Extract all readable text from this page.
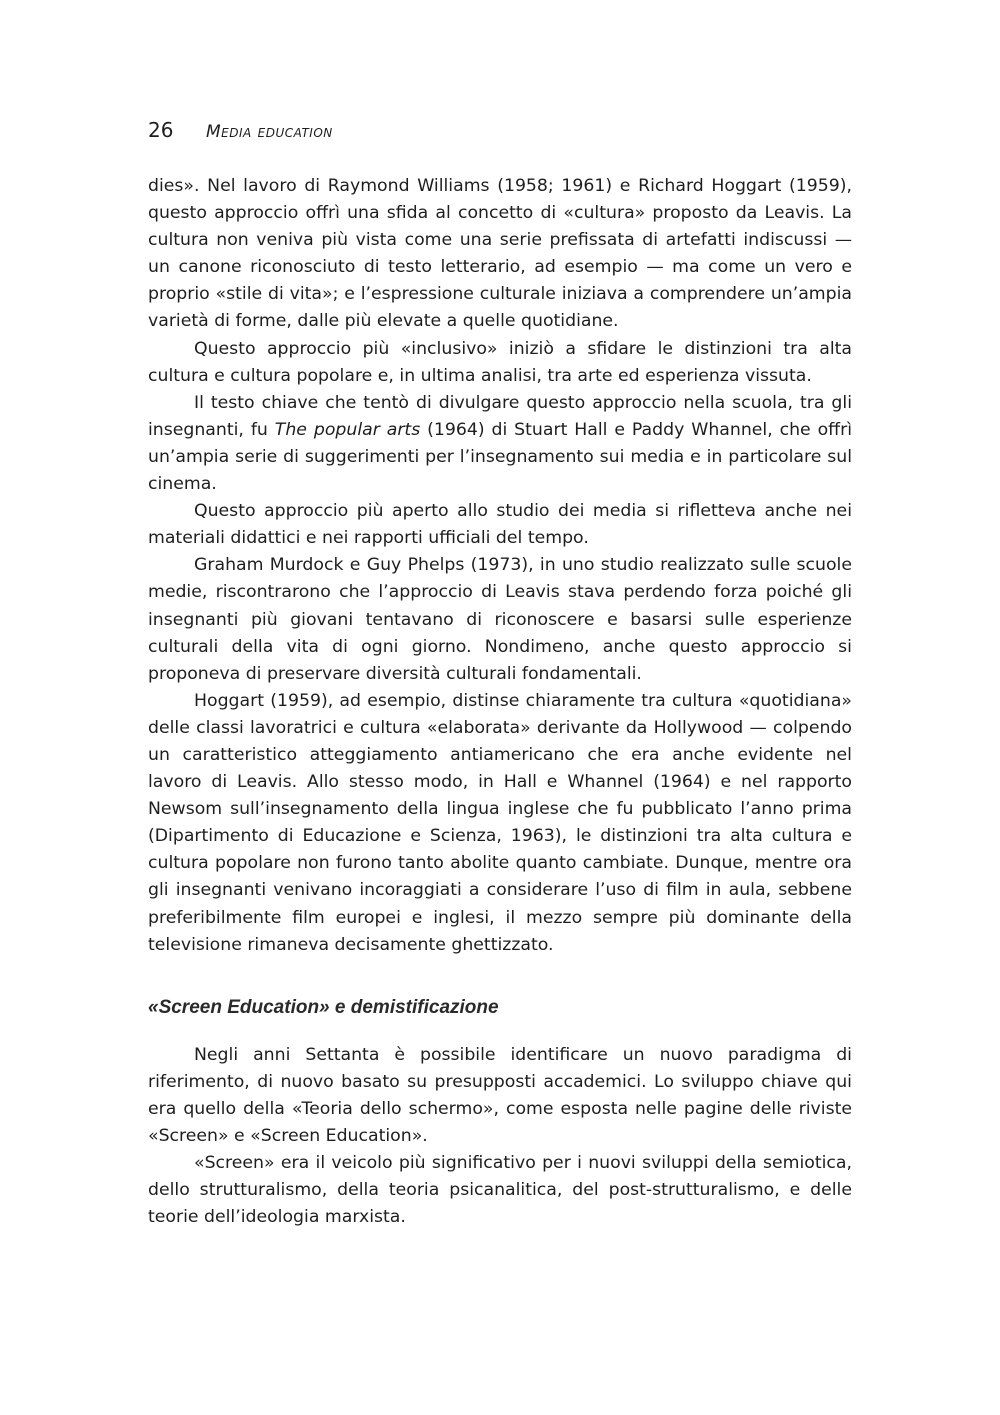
26 Media education

dies». Nel lavoro di Raymond Williams (1958; 1961) e Richard Hoggart (1959), questo approccio offrì una sfida al concetto di «cultura» proposto da Leavis. La cultura non veniva più vista come una serie prefissata di artefatti indiscussi — un canone riconosciuto di testo letterario, ad esempio — ma come un vero e proprio «stile di vita»; e l’espressione culturale iniziava a comprendere un’ampia varietà di forme, dalle più elevate a quelle quotidiane.

Questo approccio più «inclusivo» iniziò a sfidare le distinzioni tra alta cultura e cultura popolare e, in ultima analisi, tra arte ed esperienza vissuta.

Il testo chiave che tentò di divulgare questo approccio nella scuola, tra gli insegnanti, fu The popular arts (1964) di Stuart Hall e Paddy Whannel, che offrì un’ampia serie di suggerimenti per l’insegnamento sui media e in particolare sul cinema.

Questo approccio più aperto allo studio dei media si rifletteva anche nei materiali didattici e nei rapporti ufficiali del tempo.

Graham Murdock e Guy Phelps (1973), in uno studio realizzato sulle scuole medie, riscontrarono che l’approccio di Leavis stava perdendo forza poiché gli insegnanti più giovani tentavano di riconoscere e basarsi sulle esperienze culturali della vita di ogni giorno. Nondimeno, anche questo approccio si proponeva di preservare diversità culturali fondamentali.

Hoggart (1959), ad esempio, distinse chiaramente tra cultura «quotidiana» delle classi lavoratrici e cultura «elaborata» derivante da Hollywood — colpendo un caratteristico atteggiamento antiamericano che era anche evidente nel lavoro di Leavis. Allo stesso modo, in Hall e Whannel (1964) e nel rapporto Newsom sull’insegnamento della lingua inglese che fu pubblicato l’anno prima (Dipartimento di Educazione e Scienza, 1963), le distinzioni tra alta cultura e cultura popolare non furono tanto abolite quanto cambiate. Dunque, mentre ora gli insegnanti venivano incoraggiati a considerare l’uso di film in aula, sebbene preferibilmente film europei e inglesi, il mezzo sempre più dominante della televisione rimaneva decisamente ghettizzato.

«Screen Education» e demistificazione

Negli anni Settanta è possibile identificare un nuovo paradigma di riferimento, di nuovo basato su presupposti accademici. Lo sviluppo chiave qui era quello della «Teoria dello schermo», come esposta nelle pagine delle riviste «Screen» e «Screen Education».

«Screen» era il veicolo più significativo per i nuovi sviluppi della semiotica, dello strutturalismo, della teoria psicanalitica, del post-strutturalismo, e delle teorie dell’ideologia marxista.
